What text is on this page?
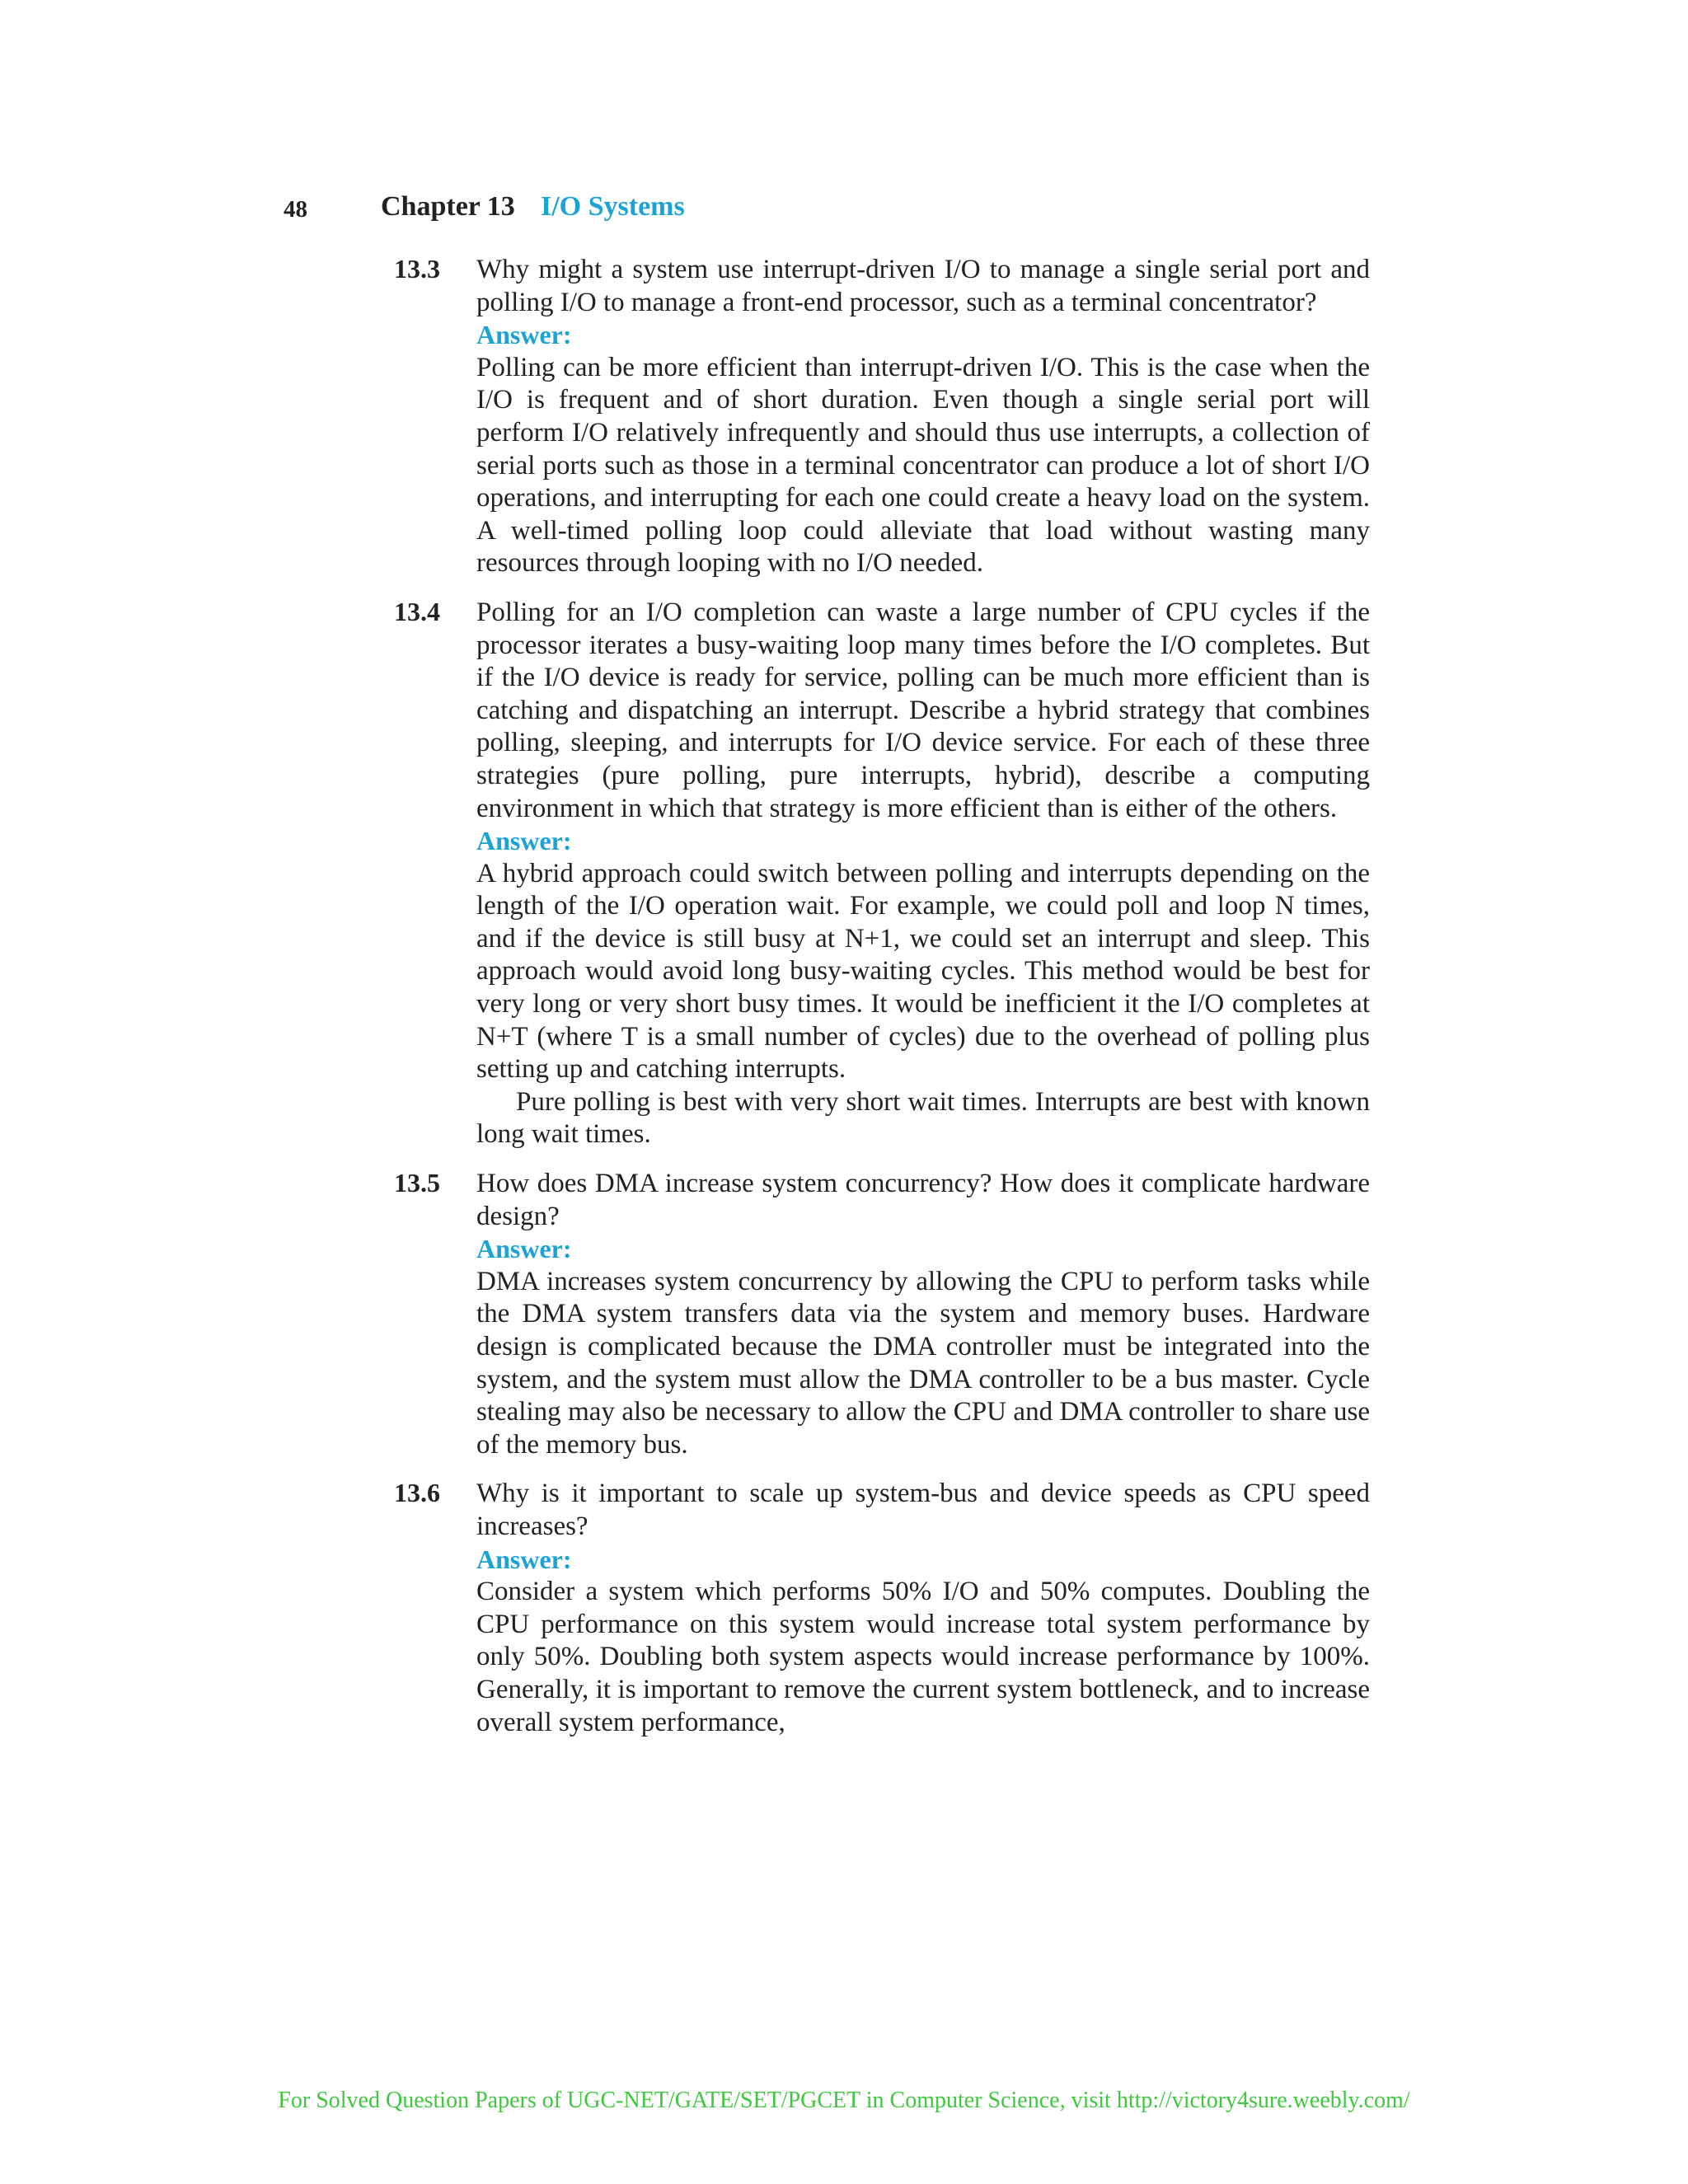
48	Chapter 13 I/O Systems
13.3 Why might a system use interrupt-driven I/O to manage a single serial port and polling I/O to manage a front-end processor, such as a terminal concentrator?

Answer:

Polling can be more efficient than interrupt-driven I/O. This is the case when the I/O is frequent and of short duration. Even though a single serial port will perform I/O relatively infrequently and should thus use interrupts, a collection of serial ports such as those in a terminal concentrator can produce a lot of short I/O operations, and interrupting for each one could create a heavy load on the system. A well-timed polling loop could alleviate that load without wasting many resources through looping with no I/O needed.

13.4 Polling for an I/O completion can waste a large number of CPU cycles if the processor iterates a busy-waiting loop many times before the I/O completes. But if the I/O device is ready for service, polling can be much more efficient than is catching and dispatching an interrupt. Describe a hybrid strategy that combines polling, sleeping, and interrupts for I/O device service. For each of these three strategies (pure polling, pure interrupts, hybrid), describe a computing environment in which that strategy is more efficient than is either of the others.

Answer:

A hybrid approach could switch between polling and interrupts depending on the length of the I/O operation wait. For example, we could poll and loop N times, and if the device is still busy at N+1, we could set an interrupt and sleep. This approach would avoid long busy-waiting cycles. This method would be best for very long or very short busy times. It would be inefficient it the I/O completes at N+T (where T is a small number of cycles) due to the overhead of polling plus setting up and catching interrupts.

Pure polling is best with very short wait times. Interrupts are best with known long wait times.

13.5 How does DMA increase system concurrency? How does it complicate hardware design?

Answer:

DMA increases system concurrency by allowing the CPU to perform tasks while the DMA system transfers data via the system and memory buses. Hardware design is complicated because the DMA controller must be integrated into the system, and the system must allow the DMA controller to be a bus master. Cycle stealing may also be necessary to allow the CPU and DMA controller to share use of the memory bus.

13.6 Why is it important to scale up system-bus and device speeds as CPU speed increases?

Answer:

Consider a system which performs 50% I/O and 50% computes. Doubling the CPU performance on this system would increase total system performance by only 50%. Doubling both system aspects would increase performance by 100%. Generally, it is important to remove the current system bottleneck, and to increase overall system performance,

For Solved Question Papers of UGC-NET/GATE/SET/PGCET in Computer Science, visit http://victory4sure.weebly.com/
